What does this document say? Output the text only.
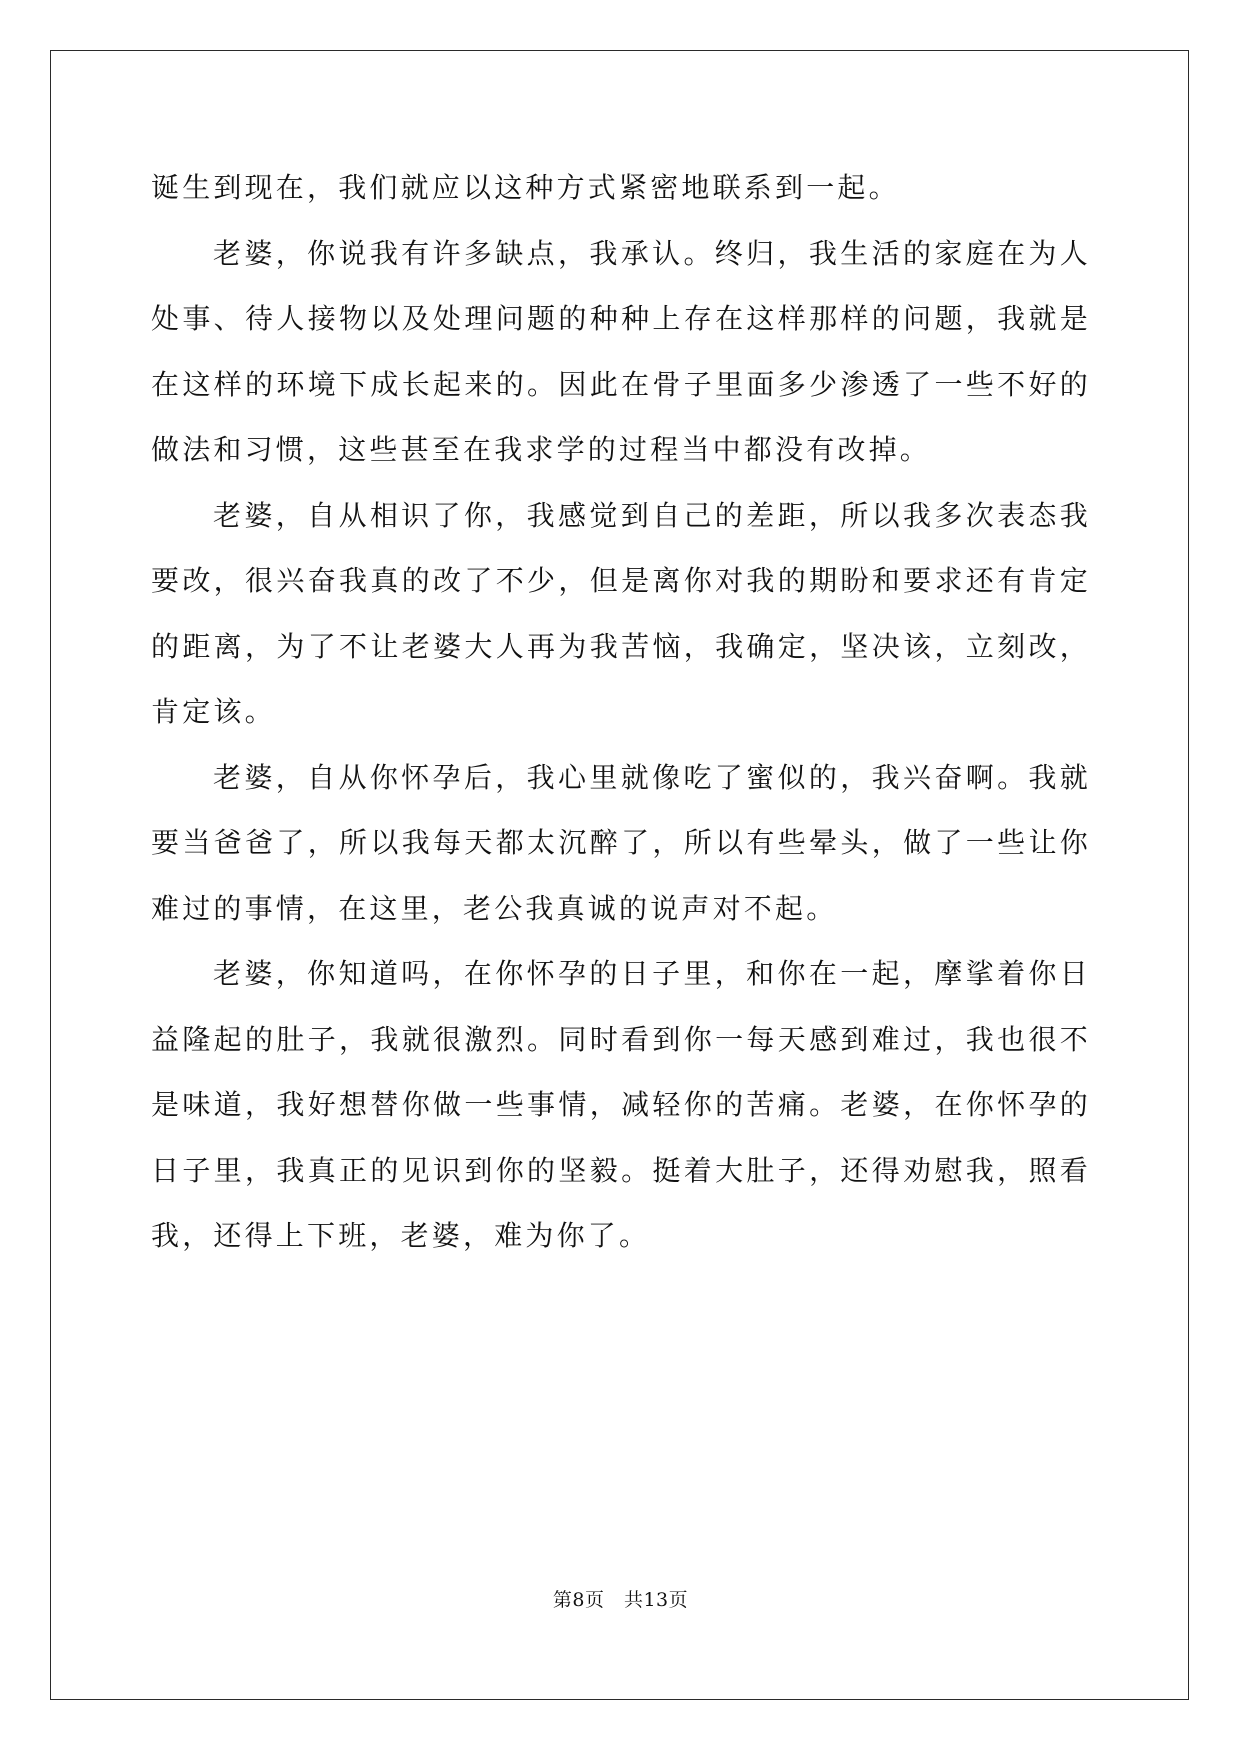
诞生到现在，我们就应以这种方式紧密地联系到一起。

老婆，你说我有许多缺点，我承认。终归，我生活的家庭在为人处事、待人接物以及处理问题的种种上存在这样那样的问题，我就是在这样的环境下成长起来的。因此在骨子里面多少渗透了一些不好的做法和习惯，这些甚至在我求学的过程当中都没有改掉。

老婆，自从相识了你，我感觉到自己的差距，所以我多次表态我要改，很兴奋我真的改了不少，但是离你对我的期盼和要求还有肯定的距离，为了不让老婆大人再为我苦恼，我确定，坚决该，立刻改，肯定该。

老婆，自从你怀孕后，我心里就像吃了蜜似的，我兴奋啊。我就要当爸爸了，所以我每天都太沉醉了，所以有些晕头，做了一些让你难过的事情，在这里，老公我真诚的说声对不起。

老婆，你知道吗，在你怀孕的日子里，和你在一起，摩挲着你日益隆起的肚子，我就很激烈。同时看到你一每天感到难过，我也很不是味道，我好想替你做一些事情，减轻你的苦痛。老婆，在你怀孕的日子里，我真正的见识到你的坚毅。挺着大肚子，还得劝慰我，照看我，还得上下班，老婆，难为你了。

第8页　共13页
